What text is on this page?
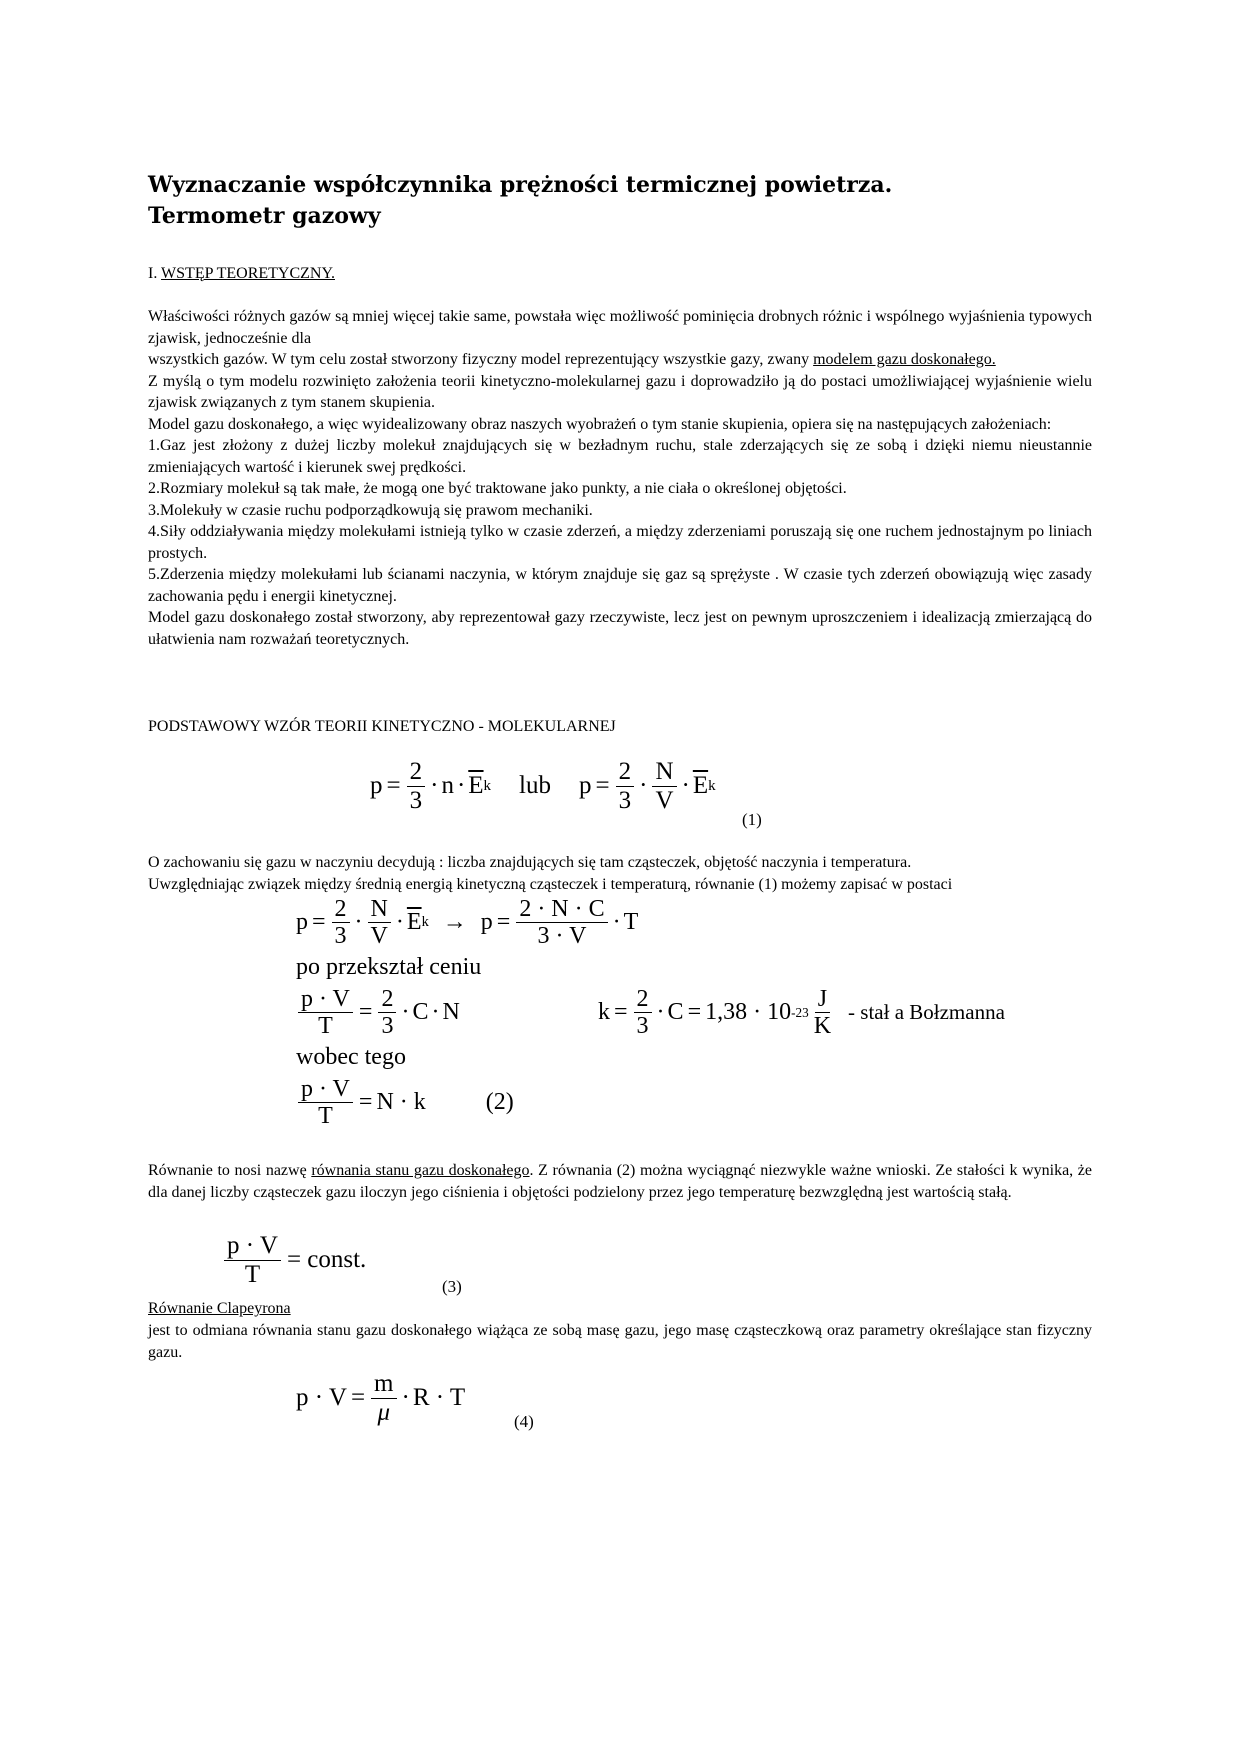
Wyznaczanie współczynnika prężności termicznej powietrza.
Termometr gazowy
I. WSTĘP TEORETYCZNY.
Właściwości różnych gazów są mniej więcej takie same, powstała więc możliwość pominięcia drobnych różnic i wspólnego wyjaśnienia typowych zjawisk, jednocześnie dla
wszystkich gazów. W tym celu został stworzony fizyczny model reprezentujący wszystkie gazy, zwany modelem gazu doskonałego.
Z myślą o tym modelu rozwinięto założenia teorii kinetyczno-molekularnej gazu i doprowadziło ją do postaci umożliwiającej wyjaśnienie wielu zjawisk związanych z tym stanem skupienia.
Model gazu doskonałego, a więc wyidealizowany obraz naszych wyobrażeń o tym stanie skupienia, opiera się na następujących założeniach:
1.Gaz jest złożony z dużej liczby molekuł znajdujących się w bezładnym ruchu, stale zderzających się ze sobą i dzięki niemu nieustannie zmieniających wartość i kierunek swej prędkości.
2.Rozmiary molekuł są tak małe, że mogą one być traktowane jako punkty, a nie ciała o określonej objętości.
3.Molekuły w czasie ruchu podporządkowują się prawom mechaniki.
4.Siły oddziaływania między molekułami istnieją tylko w czasie zderzeń, a między zderzeniami poruszają się one ruchem jednostajnym po liniach prostych.
5.Zderzenia między molekułami lub ścianami naczynia, w którym znajduje się gaz są sprężyste . W czasie tych zderzeń obowiązują więc zasady zachowania pędu i energii kinetycznej.
Model gazu doskonałego został stworzony, aby reprezentował gazy rzeczywiste, lecz jest on pewnym uproszczeniem i idealizacją zmierzającą do ułatwienia nam rozważań teoretycznych.
PODSTAWOWY WZÓR TEORII KINETYCZNO - MOLEKULARNEJ
$p = \frac{2}{3} \cdot n \cdot \overline{E}$ k lub $p = \frac{2}{3} \cdot \frac{N}{V} \cdot \overline{E}$ k
(1)
O zachowaniu się gazu w naczyniu decydują : liczba znajdujących się tam cząsteczek, objętość naczynia i temperatura.
Uwzględniając związek między średnią energią kinetyczną cząsteczek i temperaturą, równanie (1) możemy zapisać w postaci
$p = \frac{2}{3} \cdot \frac{N}{V} \cdot \overline{E}$ $k \to p = \frac{2 \cdot N \cdot C}{3 \cdot V} \cdot T$
po przekształ ceniu
$\frac{p \cdot V}{T} = \frac{2}{3} \cdot C \cdot N$	$k = \frac{2}{3} \cdot C = 1,38 \cdot 10$ $-23 \frac{J}{K}$ - stał a Bołzmanna
wobec tego
$\frac{p \cdot V}{T} = N \cdot k$	(2)
Równanie to nosi nazwę równania stanu gazu doskonałego. Z równania (2) można wyciągnąć niezwykle ważne wnioski. Ze stałości k wynika, że dla danej liczby cząsteczek gazu iloczyn jego ciśnienia i objętości podzielony przez jego temperaturę bezwzględną jest wartością stałą.
$\frac{p \cdot V}{T}$ = const.
(3)
Równanie Clapeyrona
jest to odmiana równania stanu gazu doskonałego wiążąca ze sobą masę gazu, jego masę cząsteczkową oraz parametry określające stan fizyczny gazu.
$p \cdot V = \frac{m}{\mu} \cdot R \cdot T$
(4)
